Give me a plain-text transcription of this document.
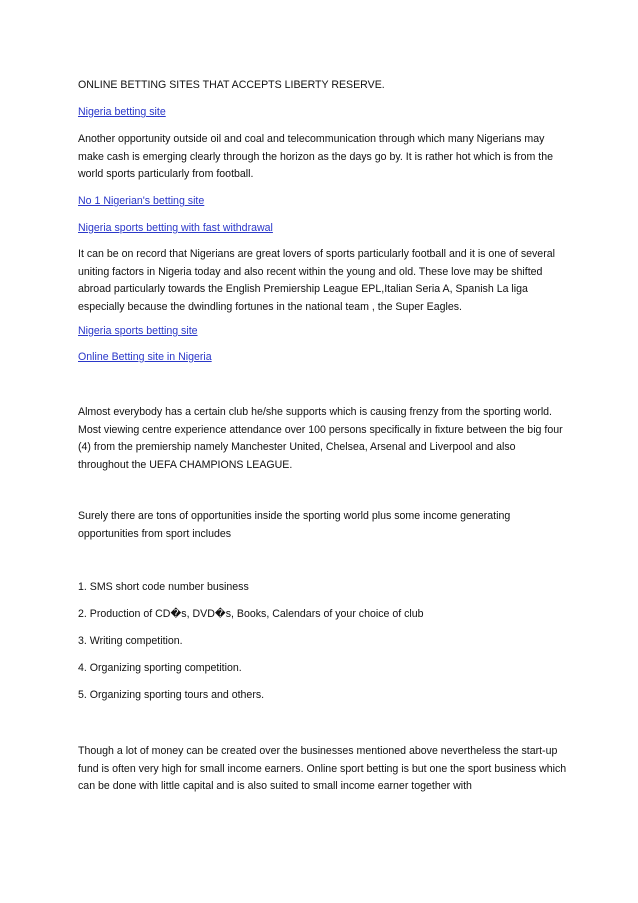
ONLINE BETTING SITES THAT ACCEPTS LIBERTY RESERVE.

Nigeria betting site

Another opportunity outside oil and coal and telecommunication through which many Nigerians may make cash is emerging clearly through the horizon as the days go by. It is rather hot which is from the world sports particularly from football.

No 1 Nigerian's betting site

Nigeria sports betting with fast withdrawal

It can be on record that Nigerians are great lovers of sports particularly football and it is one of several uniting factors in Nigeria today and also recent within the young and old. These love may be shifted abroad particularly towards the English Premiership League EPL,Italian Seria A, Spanish La liga especially because the dwindling fortunes in the national team , the Super Eagles.

Nigeria sports betting site

Online Betting site in Nigeria

Almost everybody has a certain club he/she supports which is causing frenzy from the sporting world. Most viewing centre experience attendance over 100 persons specifically in fixture between the big four (4) from the premiership namely Manchester United, Chelsea, Arsenal and Liverpool and also throughout the UEFA CHAMPIONS LEAGUE.

Surely there are tons of opportunities inside the sporting world plus some income generating opportunities from sport includes

1. SMS short code number business

2. Production of CD�s, DVD�s, Books, Calendars of your choice of club

3. Writing competition.

4. Organizing sporting competition.

5. Organizing sporting tours and others.

Though a lot of money can be created over the businesses mentioned above nevertheless the start-up fund is often very high for small income earners. Online sport betting is but one the sport business which can be done with little capital and is also suited to small income earner together with
